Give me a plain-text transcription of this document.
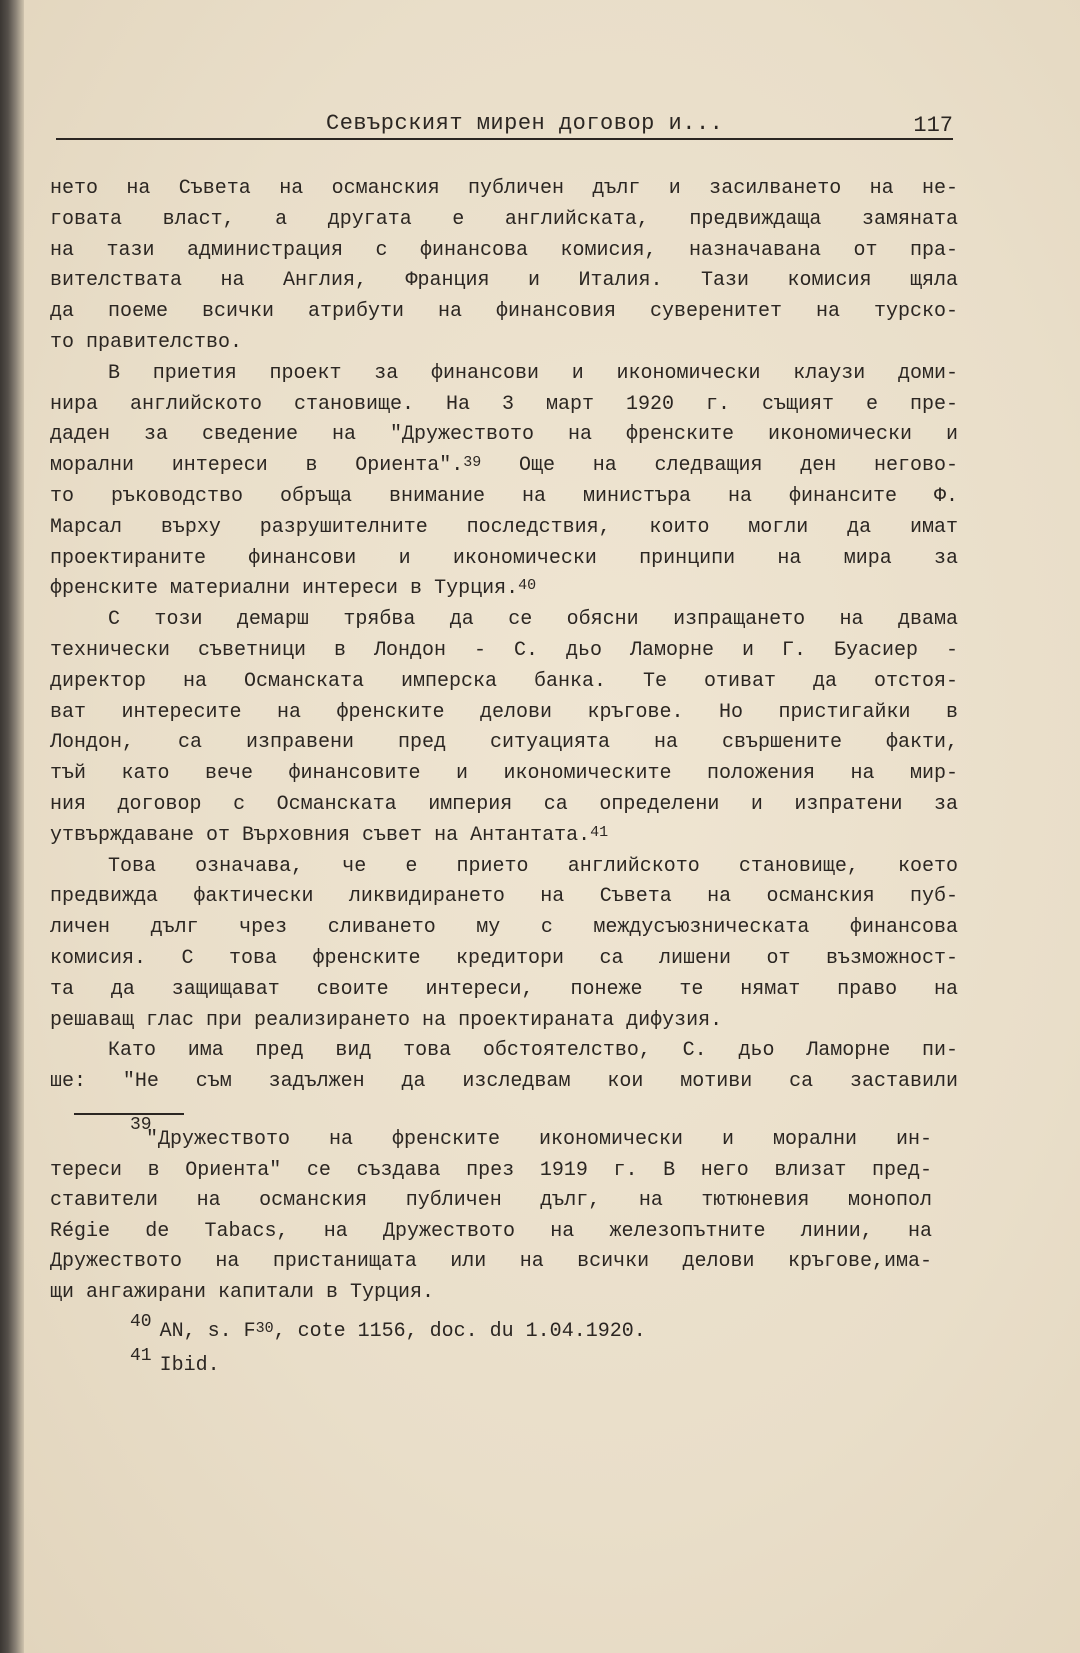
Севърският мирен договор и...	117
нето на Съвета на османския публичен дълг и засилването на не-
говата власт, а другата е английската, предвиждаща замяната
на тази администрация с финансова комисия, назначавана от пра-
вителствата на Англия, Франция и Италия. Тази комисия щяла
да поеме всички атрибути на финансовия суверенитет на турско-
то правителство.
В приетия проект за финансови и икономически клаузи доми-
нира английското становище. На 3 март 1920 г. същият е пре-
даден за сведение на "Дружеството на френските икономически и
морални интереси в Ориента".$^{39}$ Още на следващия ден негово-
то ръководство обръща внимание на министъра на финансите Ф.
Марсал върху разрушителните последствия, които могли да имат
проектираните финансови и икономически принципи на мира за
френските материални интереси в Турция.$^{40}$
С този демарш трябва да се обясни изпращането на двама
технически съветници в Лондон - С. дьо Ламорне и Г. Буасиер -
директор на Османската имперска банка. Те отиват да отстоя-
ват интересите на френските делови кръгове. Но пристигайки в
Лондон, са изправени пред ситуацията на свършените факти,
тъй като вече финансовите и икономическите положения на мир-
ния договор с Османската империя са определени и изпратени за
утвърждаване от Върховния съвет на Антантата.$^{41}$
Това означава, че е прието английското становище, което
предвижда фактически ликвидирането на Съвета на османския пуб-
личен дълг чрез сливането му с междусъюзническата финансова
комисия. С това френските кредитори са лишени от възможност-
та да защищават своите интереси, понеже те нямат право на
решаващ глас при реализирането на проектираната дифузия.
Като има пред вид това обстоятелство, С. дьо Ламорне пи-
ше: "Не съм задължен да изследвам кои мотиви са заставили
39
"Дружеството на френските икономически и морални ин-
тереси в Ориента" се създава през 1919 г. В него влизат пред-
ставители на османския публичен дълг, на тютюневия монопол
Régie de Tabacs, на Дружеството на железопътните линии, на
Дружеството на пристанищата или на всички делови кръгове,има-
щи ангажирани капитали в Турция.
40 AN, s. $F^{30}$, cote 1156, doc. du 1.04.1920.
41 Ibid.
